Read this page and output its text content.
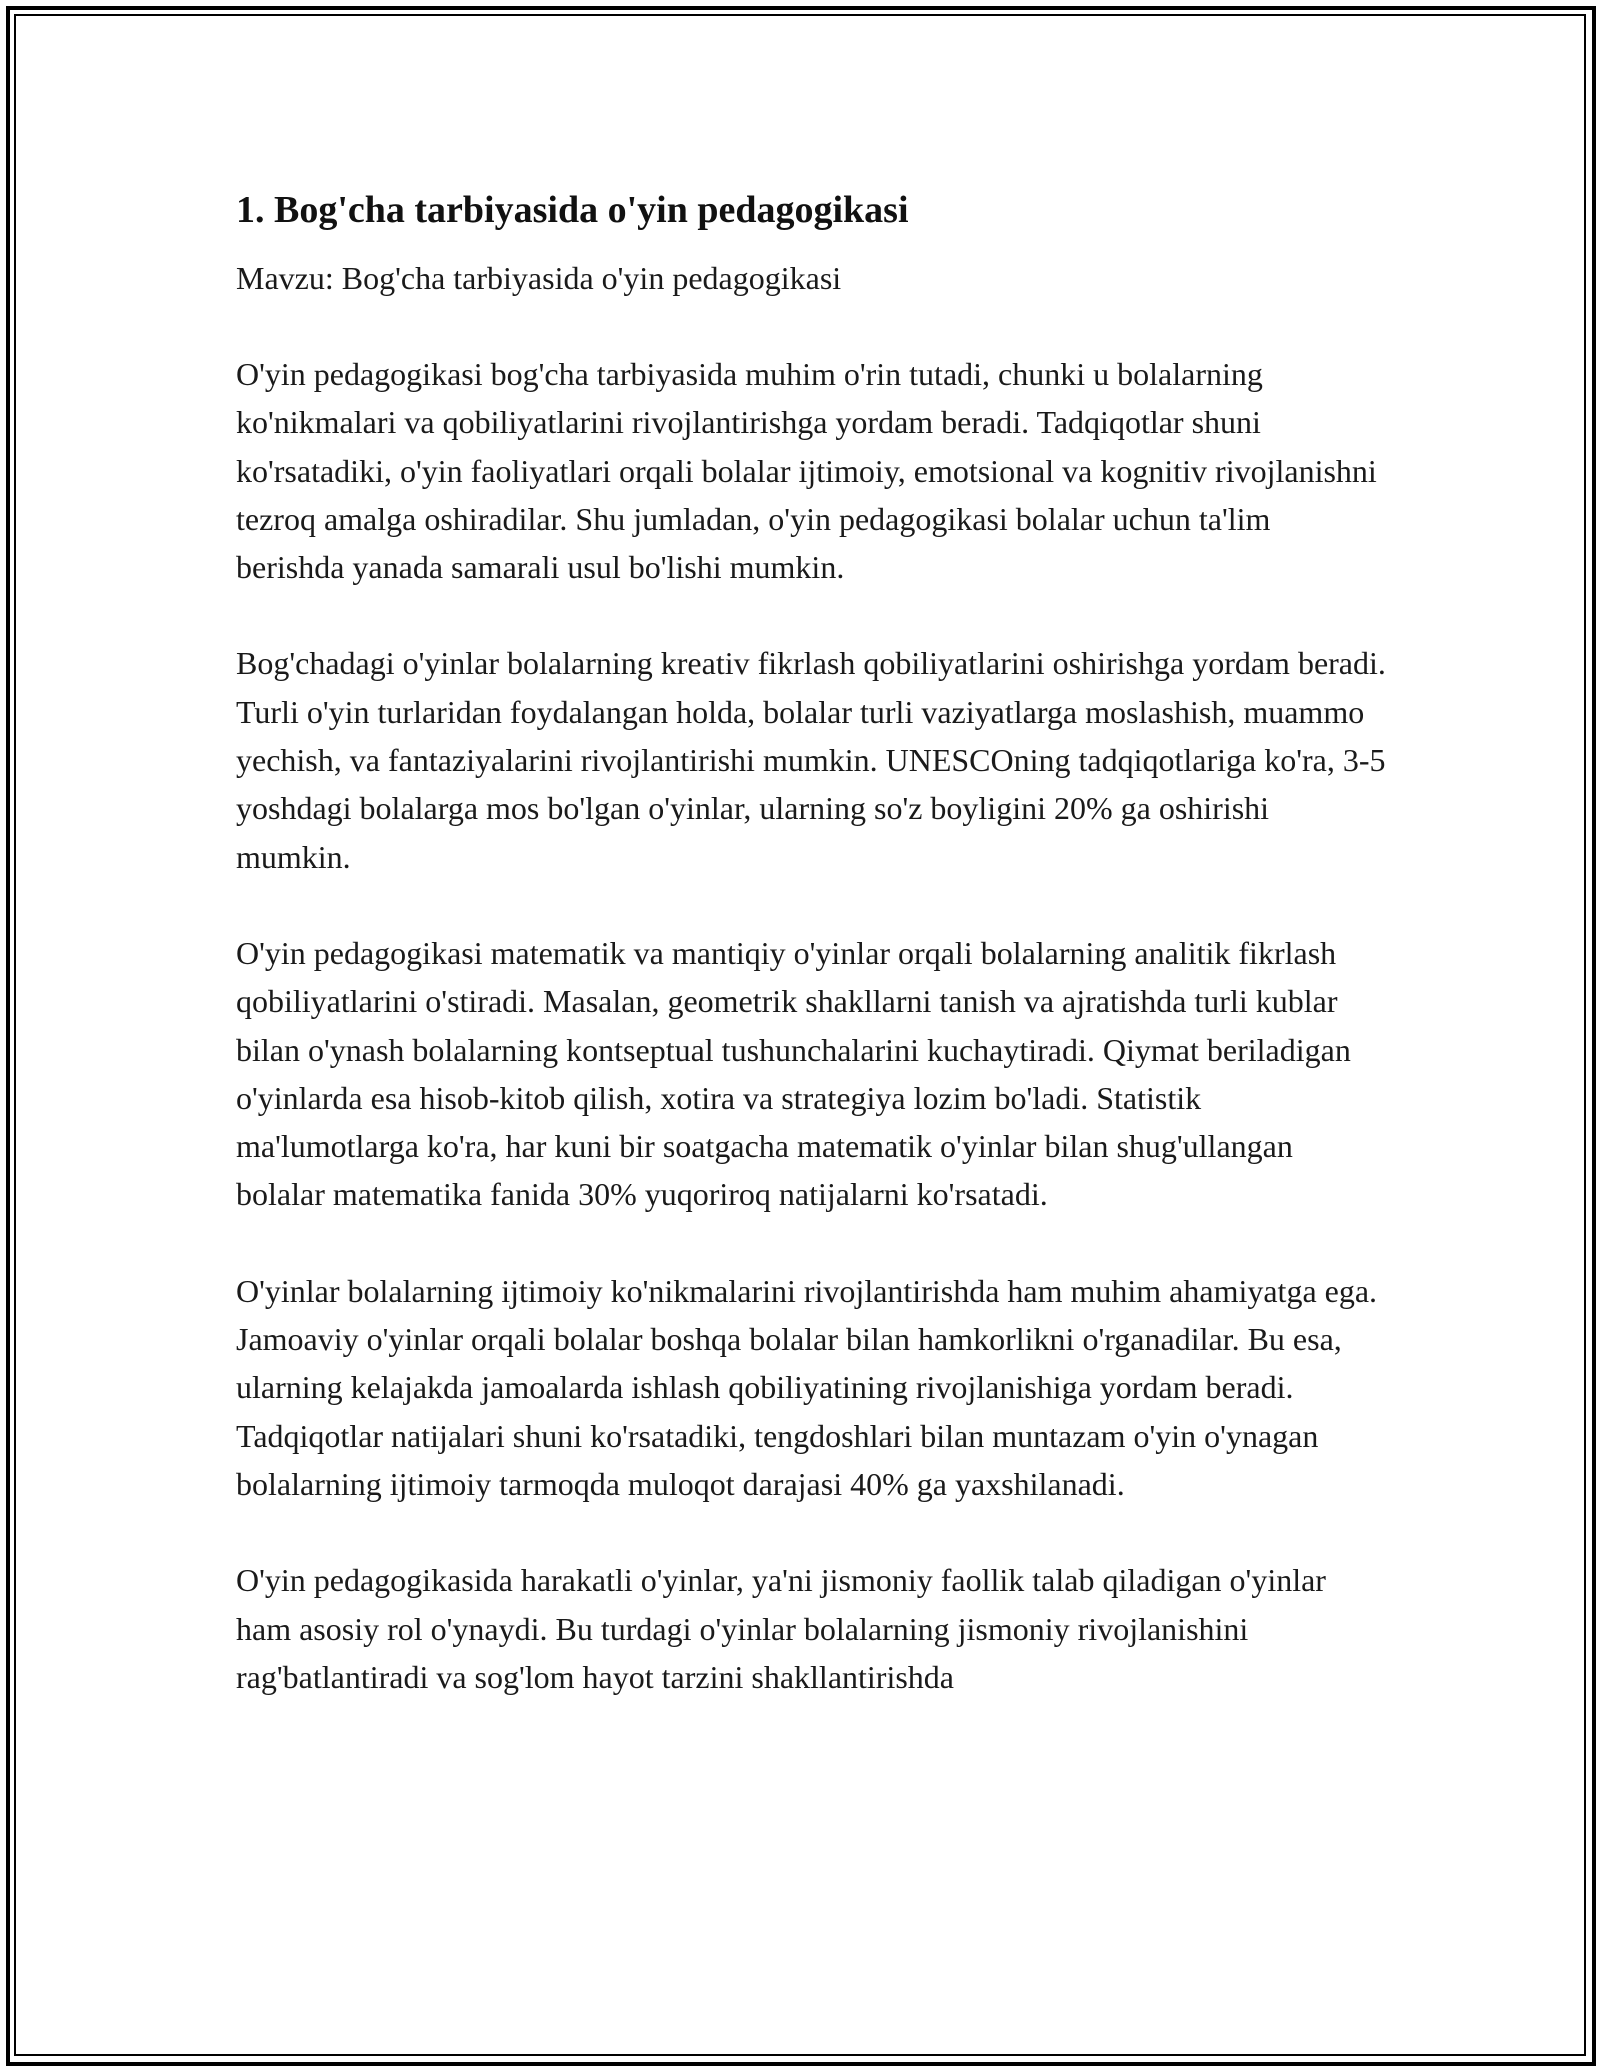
1. Bog'cha tarbiyasida o'yin pedagogikasi

Mavzu: Bog'cha tarbiyasida o'yin pedagogikasi

O'yin pedagogikasi bog'cha tarbiyasida muhim o'rin tutadi, chunki u bolalarning ko'nikmalari va qobiliyatlarini rivojlantirishga yordam beradi. Tadqiqotlar shuni ko'rsatadiki, o'yin faoliyatlari orqali bolalar ijtimoiy, emotsional va kognitiv rivojlanishni tezroq amalga oshiradilar. Shu jumladan, o'yin pedagogikasi bolalar uchun ta'lim berishda yanada samarali usul bo'lishi mumkin.

Bog'chadagi o'yinlar bolalarning kreativ fikrlash qobiliyatlarini oshirishga yordam beradi. Turli o'yin turlaridan foydalangan holda, bolalar turli vaziyatlarga moslashish, muammo yechish, va fantaziyalarini rivojlantirishi mumkin. UNESCOning tadqiqotlariga ko'ra, 3-5 yoshdagi bolalarga mos bo'lgan o'yinlar, ularning so'z boyligini 20% ga oshirishi mumkin.

O'yin pedagogikasi matematik va mantiqiy o'yinlar orqali bolalarning analitik fikrlash qobiliyatlarini o'stiradi. Masalan, geometrik shakllarni tanish va ajratishda turli kublar bilan o'ynash bolalarning kontseptual tushunchalarini kuchaytiradi. Qiymat beriladigan o'yinlarda esa hisob-kitob qilish, xotira va strategiya lozim bo'ladi. Statistik ma'lumotlarga ko'ra, har kuni bir soatgacha matematik o'yinlar bilan shug'ullangan bolalar matematika fanida 30% yuqoriroq natijalarni ko'rsatadi.

O'yinlar bolalarning ijtimoiy ko'nikmalarini rivojlantirishda ham muhim ahamiyatga ega. Jamoaviy o'yinlar orqali bolalar boshqa bolalar bilan hamkorlikni o'rganadilar. Bu esa, ularning kelajakda jamoalarda ishlash qobiliyatining rivojlanishiga yordam beradi. Tadqiqotlar natijalari shuni ko'rsatadiki, tengdoshlari bilan muntazam o'yin o'ynagan bolalarning ijtimoiy tarmoqda muloqot darajasi 40% ga yaxshilanadi.

O'yin pedagogikasida harakatli o'yinlar, ya'ni jismoniy faollik talab qiladigan o'yinlar ham asosiy rol o'ynaydi. Bu turdagi o'yinlar bolalarning jismoniy rivojlanishini rag'batlantiradi va sog'lom hayot tarzini shakllantirishda
